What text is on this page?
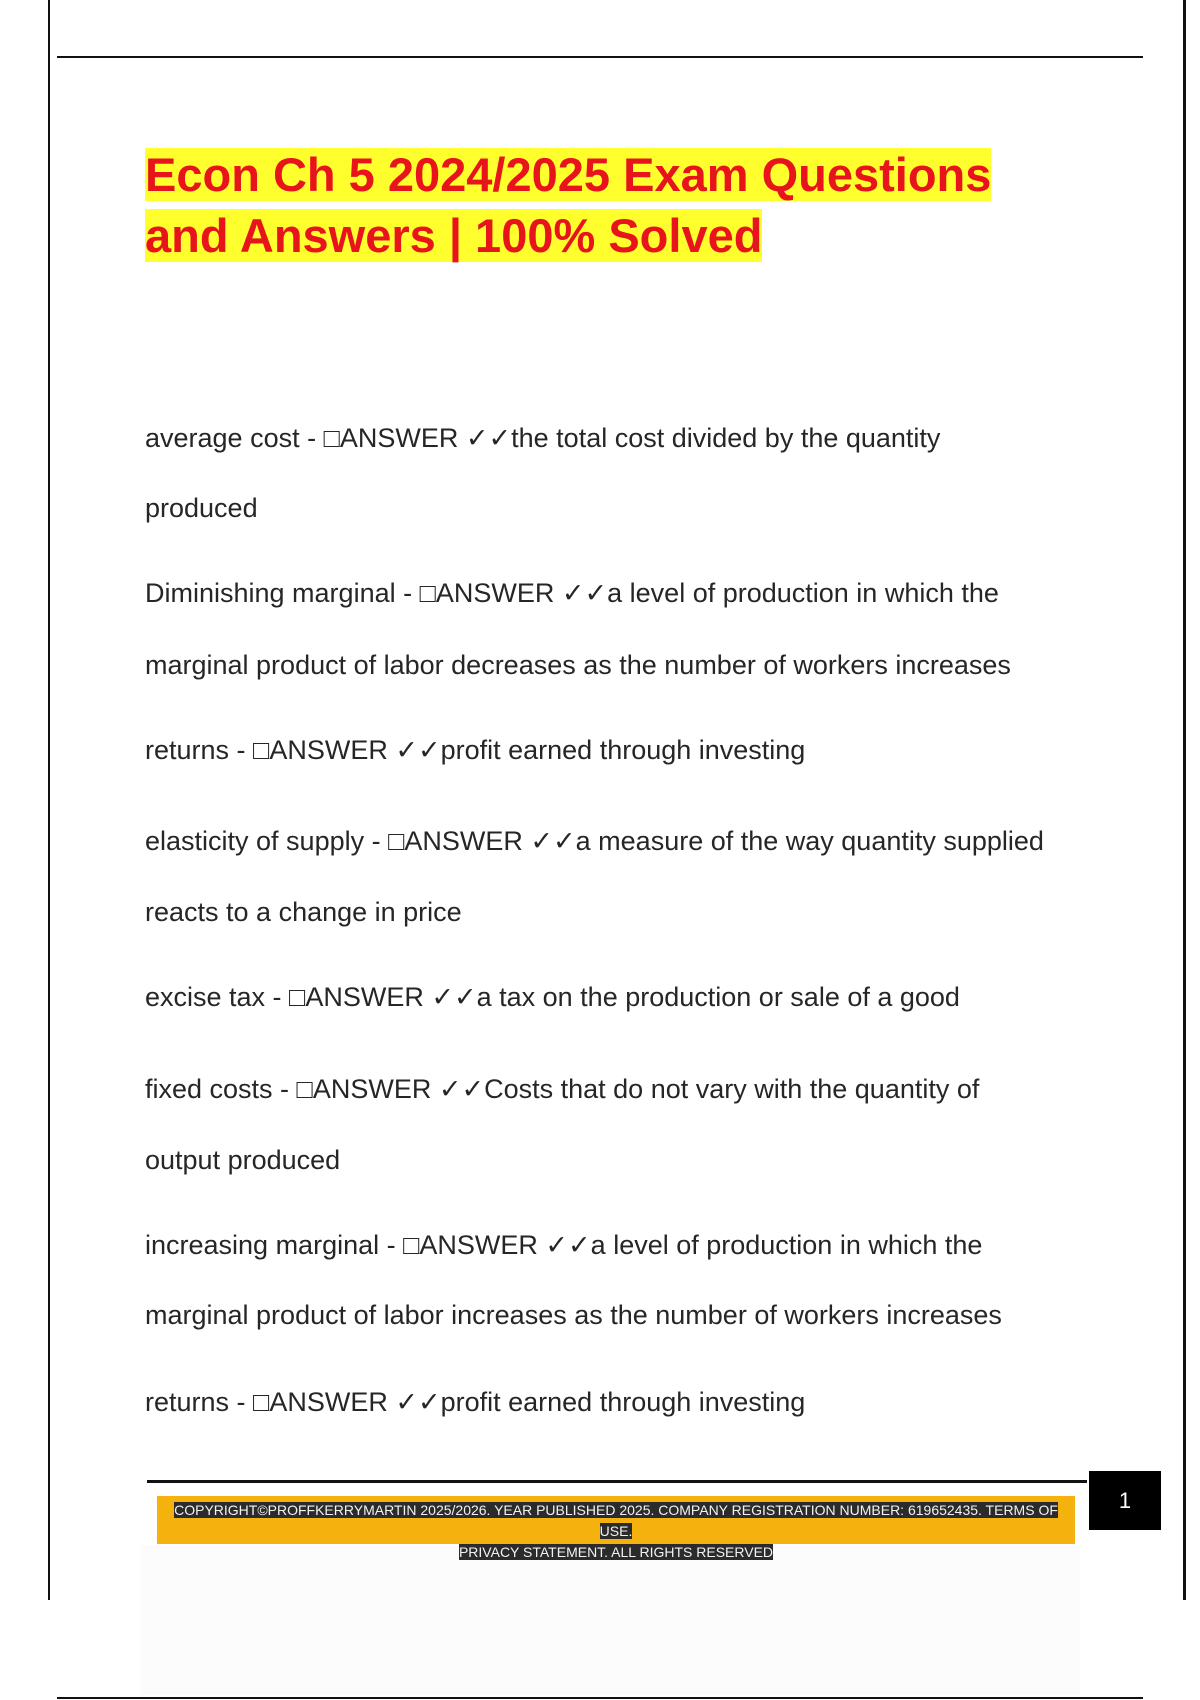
Econ Ch 5 2024/2025 Exam Questions
and Answers | 100% Solved

average cost - □ANSWER ✓✓the total cost divided by the quantity

produced

Diminishing marginal - □ANSWER ✓✓a level of production in which the

marginal product of labor decreases as the number of workers increases

returns - □ANSWER ✓✓profit earned through investing

elasticity of supply - □ANSWER ✓✓a measure of the way quantity supplied

reacts to a change in price

excise tax - □ANSWER ✓✓a tax on the production or sale of a good

fixed costs - □ANSWER ✓✓Costs that do not vary with the quantity of

output produced

increasing marginal - □ANSWER ✓✓a level of production in which the

marginal product of labor increases as the number of workers increases

returns - □ANSWER ✓✓profit earned through investing

COPYRIGHT©PROFFKERRYMARTIN 2025/2026. YEAR PUBLISHED 2025. COMPANY REGISTRATION NUMBER: 619652435. TERMS OF USE.
PRIVACY STATEMENT. ALL RIGHTS RESERVED
1
